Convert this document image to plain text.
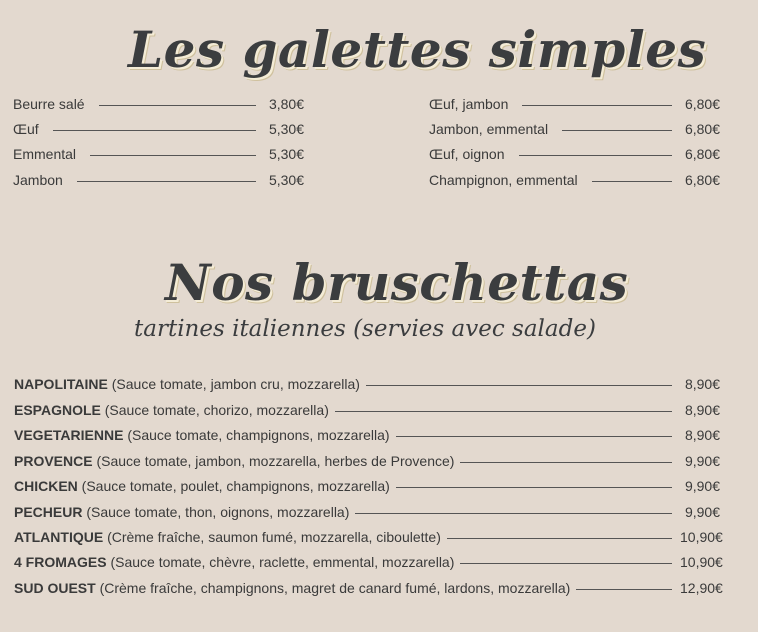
Les galettes simples
Beurre salé	3,80€
Œuf	5,30€
Emmental	5,30€
Jambon	5,30€
Œuf, jambon	6,80€
Jambon, emmental	6,80€
Œuf, oignon	6,80€
Champignon, emmental	6,80€
Nos bruschettas
tartines italiennes (servies avec salade)
NAPOLITAINE (Sauce tomate, jambon cru, mozzarella)	8,90€
ESPAGNOLE (Sauce tomate, chorizo, mozzarella)	8,90€
VEGETARIENNE (Sauce tomate, champignons, mozzarella)	8,90€
PROVENCE (Sauce tomate, jambon, mozzarella, herbes de Provence)	9,90€
CHICKEN (Sauce tomate, poulet, champignons, mozzarella)	9,90€
PECHEUR (Sauce tomate, thon, oignons, mozzarella)	9,90€
ATLANTIQUE (Crème fraîche, saumon fumé, mozzarella, ciboulette)	10,90€
4 FROMAGES (Sauce tomate, chèvre, raclette, emmental, mozzarella)	10,90€
SUD OUEST (Crème fraîche, champignons, magret de canard fumé, lardons, mozzarella)	12,90€
